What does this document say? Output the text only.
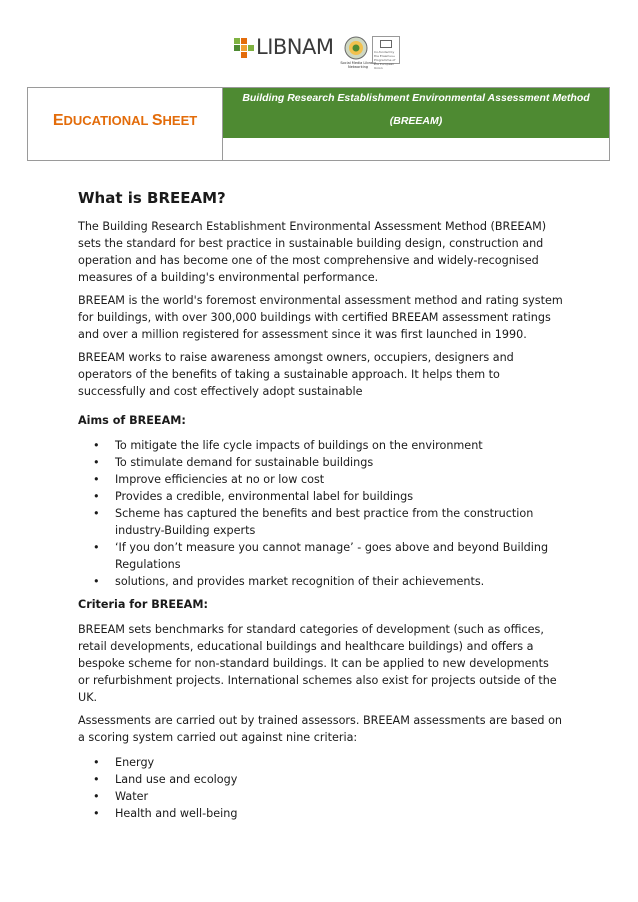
LIBNAM
Social Media Library Networking
Co-funded by the Erasmus+ Programme of the European Union
EDUCATIONAL SHEET
Building Research Establishment Environmental Assessment Method
(BREEAM)
What is BREEAM?

The Building Research Establishment Environmental Assessment Method (BREEAM) sets the standard for best practice in sustainable building design, construction and operation and has become one of the most comprehensive and widely-recognised measures of a building's environmental performance.

BREEAM is the world's foremost environmental assessment method and rating system for buildings, with over 300,000 buildings with certified BREEAM assessment ratings and over a million registered for assessment since it was first launched in 1990.

BREEAM works to raise awareness amongst owners, occupiers, designers and operators of the benefits of taking a sustainable approach. It helps them to successfully and cost effectively adopt sustainable

Aims of BREEAM:
• To mitigate the life cycle impacts of buildings on the environment
• To stimulate demand for sustainable buildings
• Improve efficiencies at no or low cost
• Provides a credible, environmental label for buildings
• Scheme has captured the benefits and best practice from the construction industry-Building experts
• ‘If you don’t measure you cannot manage’ - goes above and beyond Building Regulations
• solutions, and provides market recognition of their achievements.
Criteria for BREEAM:

BREEAM sets benchmarks for standard categories of development (such as offices, retail developments, educational buildings and healthcare buildings) and offers a bespoke scheme for non-standard buildings. It can be applied to new developments or refurbishment projects. International schemes also exist for projects outside of the UK.

Assessments are carried out by trained assessors. BREEAM assessments are based on a scoring system carried out against nine criteria:

• Energy
• Land use and ecology
• Water
• Health and well-being
